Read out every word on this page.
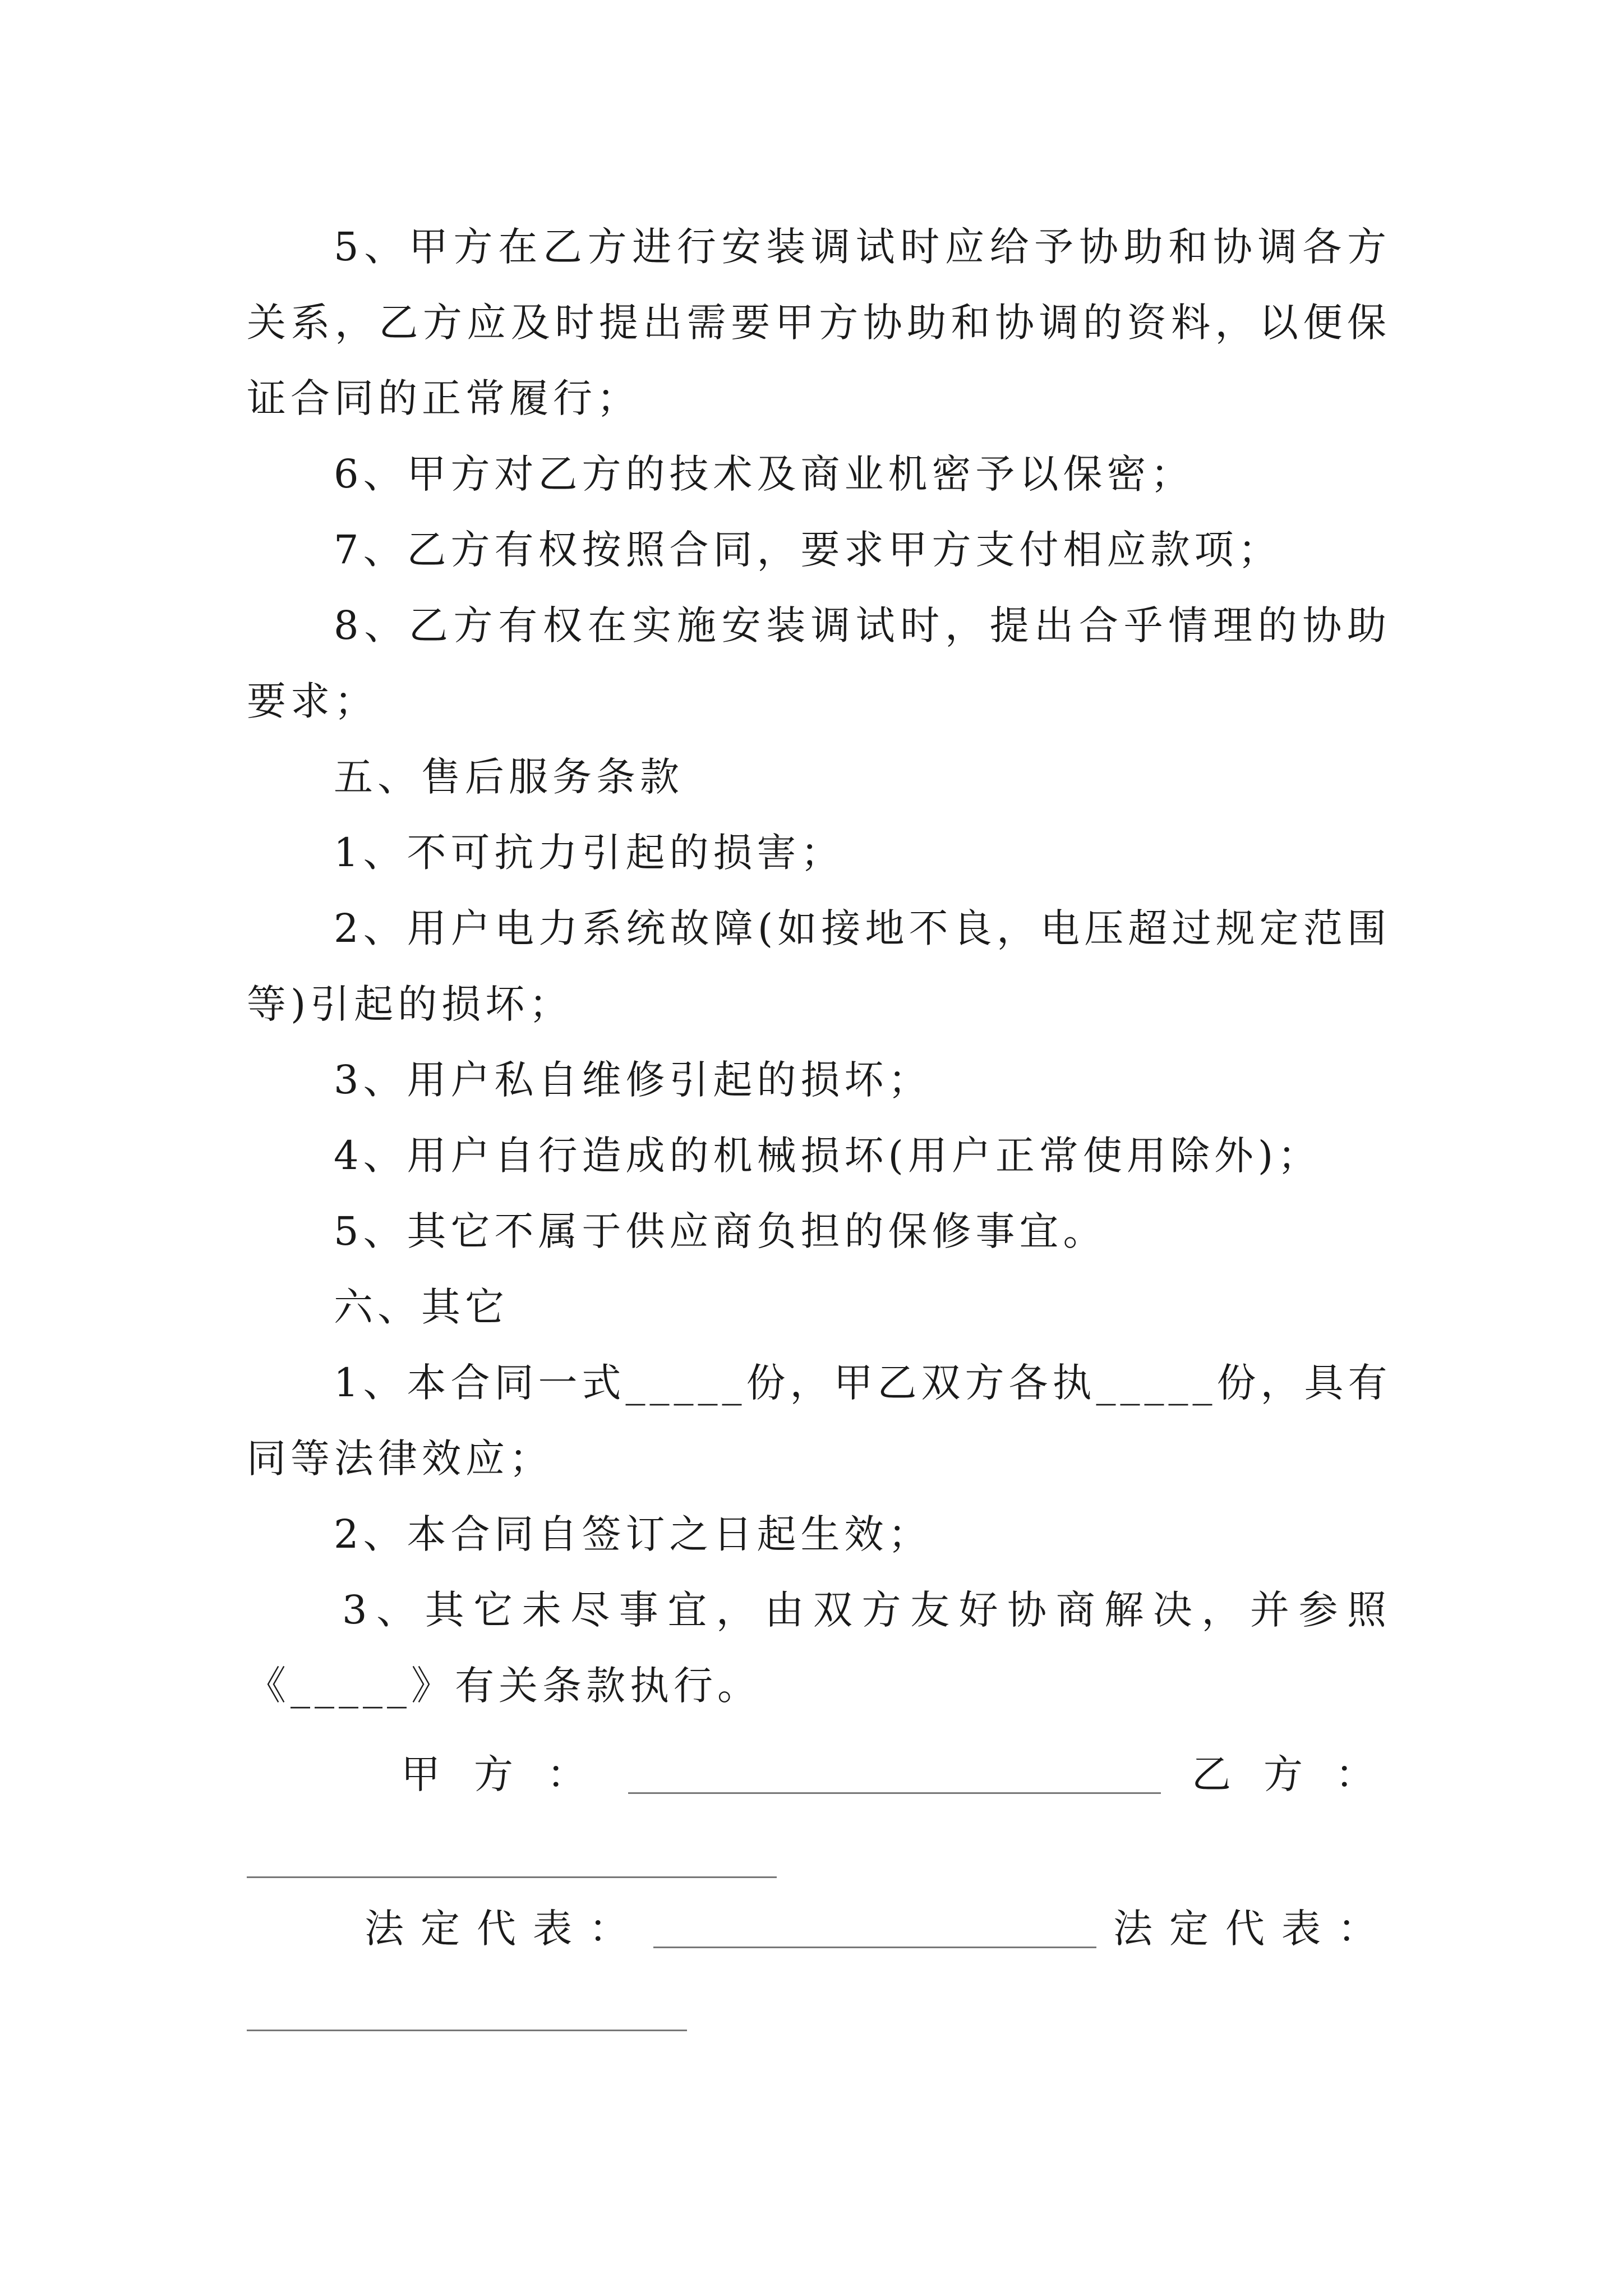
5、甲方在乙方进行安装调试时应给予协助和协调各方
关系，乙方应及时提出需要甲方协助和协调的资料，以便保
证合同的正常履行；
6、甲方对乙方的技术及商业机密予以保密；
7、乙方有权按照合同，要求甲方支付相应款项；
8、乙方有权在实施安装调试时，提出合乎情理的协助
要求；
五、售后服务条款
1、不可抗力引起的损害；
2、用户电力系统故障(如接地不良，电压超过规定范围
等)引起的损坏；
3、用户私自维修引起的损坏；
4、用户自行造成的机械损坏(用户正常使用除外)；
5、其它不属于供应商负担的保修事宜。
六、其它
1、本合同一式_____份，甲乙双方各执_____份，具有
同等法律效应；
2、本合同自签订之日起生效；
3、其它未尽事宜，由双方友好协商解决，并参照
《_____》有关条款执行。
甲方：	乙方：
法定代表：	法定代表：
